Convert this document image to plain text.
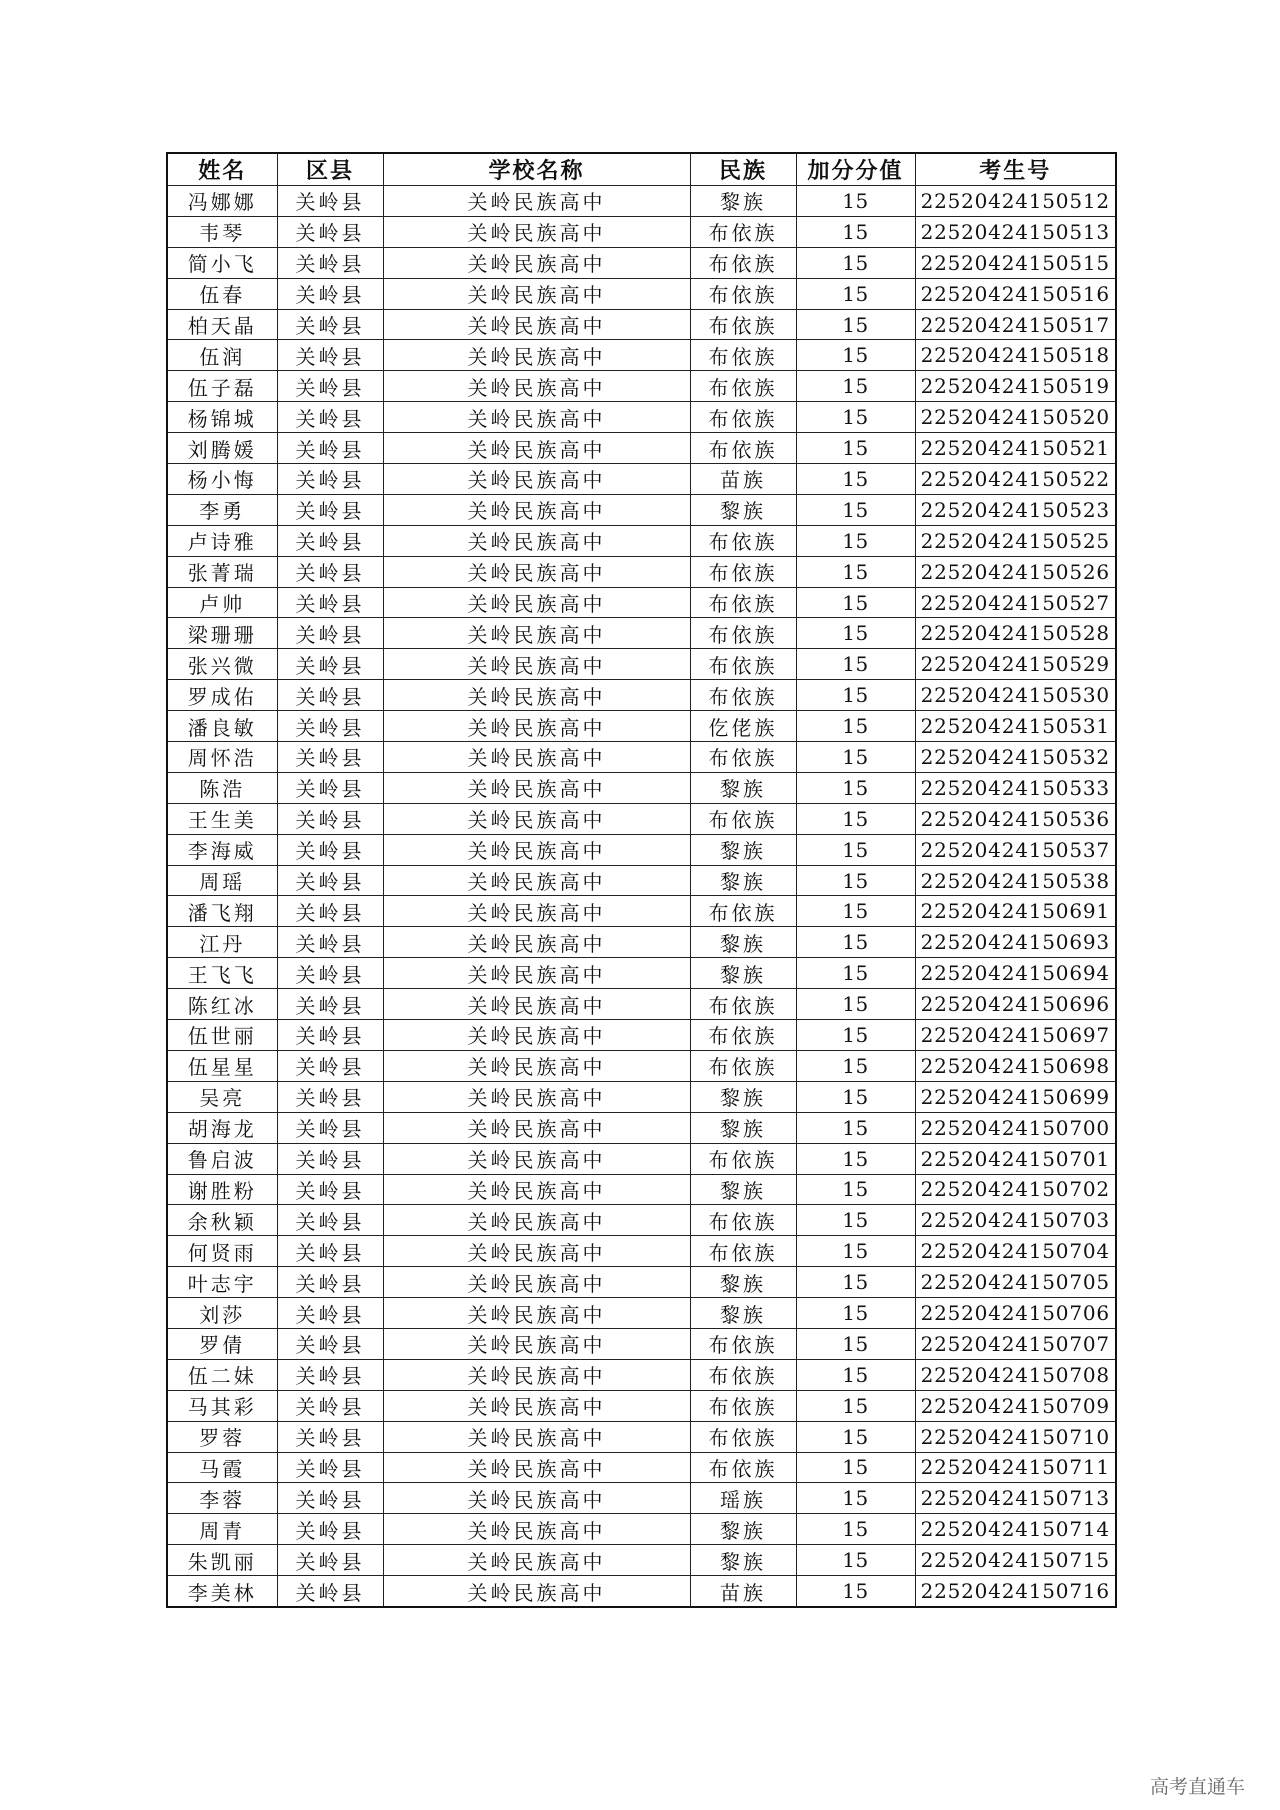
姓名	区县	学校名称	民族	加分分值	考生号
冯娜娜	关岭县	关岭民族高中	黎族	15	22520424150512
韦琴	关岭县	关岭民族高中	布依族	15	22520424150513
简小飞	关岭县	关岭民族高中	布依族	15	22520424150515
伍春	关岭县	关岭民族高中	布依族	15	22520424150516
柏天晶	关岭县	关岭民族高中	布依族	15	22520424150517
伍润	关岭县	关岭民族高中	布依族	15	22520424150518
伍子磊	关岭县	关岭民族高中	布依族	15	22520424150519
杨锦城	关岭县	关岭民族高中	布依族	15	22520424150520
刘腾媛	关岭县	关岭民族高中	布依族	15	22520424150521
杨小悔	关岭县	关岭民族高中	苗族	15	22520424150522
李勇	关岭县	关岭民族高中	黎族	15	22520424150523
卢诗雅	关岭县	关岭民族高中	布依族	15	22520424150525
张菁瑞	关岭县	关岭民族高中	布依族	15	22520424150526
卢帅	关岭县	关岭民族高中	布依族	15	22520424150527
梁珊珊	关岭县	关岭民族高中	布依族	15	22520424150528
张兴微	关岭县	关岭民族高中	布依族	15	22520424150529
罗成佑	关岭县	关岭民族高中	布依族	15	22520424150530
潘良敏	关岭县	关岭民族高中	仡佬族	15	22520424150531
周怀浩	关岭县	关岭民族高中	布依族	15	22520424150532
陈浩	关岭县	关岭民族高中	黎族	15	22520424150533
王生美	关岭县	关岭民族高中	布依族	15	22520424150536
李海威	关岭县	关岭民族高中	黎族	15	22520424150537
周瑶	关岭县	关岭民族高中	黎族	15	22520424150538
潘飞翔	关岭县	关岭民族高中	布依族	15	22520424150691
江丹	关岭县	关岭民族高中	黎族	15	22520424150693
王飞飞	关岭县	关岭民族高中	黎族	15	22520424150694
陈红冰	关岭县	关岭民族高中	布依族	15	22520424150696
伍世丽	关岭县	关岭民族高中	布依族	15	22520424150697
伍星星	关岭县	关岭民族高中	布依族	15	22520424150698
吴亮	关岭县	关岭民族高中	黎族	15	22520424150699
胡海龙	关岭县	关岭民族高中	黎族	15	22520424150700
鲁启波	关岭县	关岭民族高中	布依族	15	22520424150701
谢胜粉	关岭县	关岭民族高中	黎族	15	22520424150702
余秋颖	关岭县	关岭民族高中	布依族	15	22520424150703
何贤雨	关岭县	关岭民族高中	布依族	15	22520424150704
叶志宇	关岭县	关岭民族高中	黎族	15	22520424150705
刘莎	关岭县	关岭民族高中	黎族	15	22520424150706
罗倩	关岭县	关岭民族高中	布依族	15	22520424150707
伍二妹	关岭县	关岭民族高中	布依族	15	22520424150708
马其彩	关岭县	关岭民族高中	布依族	15	22520424150709
罗蓉	关岭县	关岭民族高中	布依族	15	22520424150710
马霞	关岭县	关岭民族高中	布依族	15	22520424150711
李蓉	关岭县	关岭民族高中	瑶族	15	22520424150713
周青	关岭县	关岭民族高中	黎族	15	22520424150714
朱凯丽	关岭县	关岭民族高中	黎族	15	22520424150715
李美林	关岭县	关岭民族高中	苗族	15	22520424150716
高考直通车
